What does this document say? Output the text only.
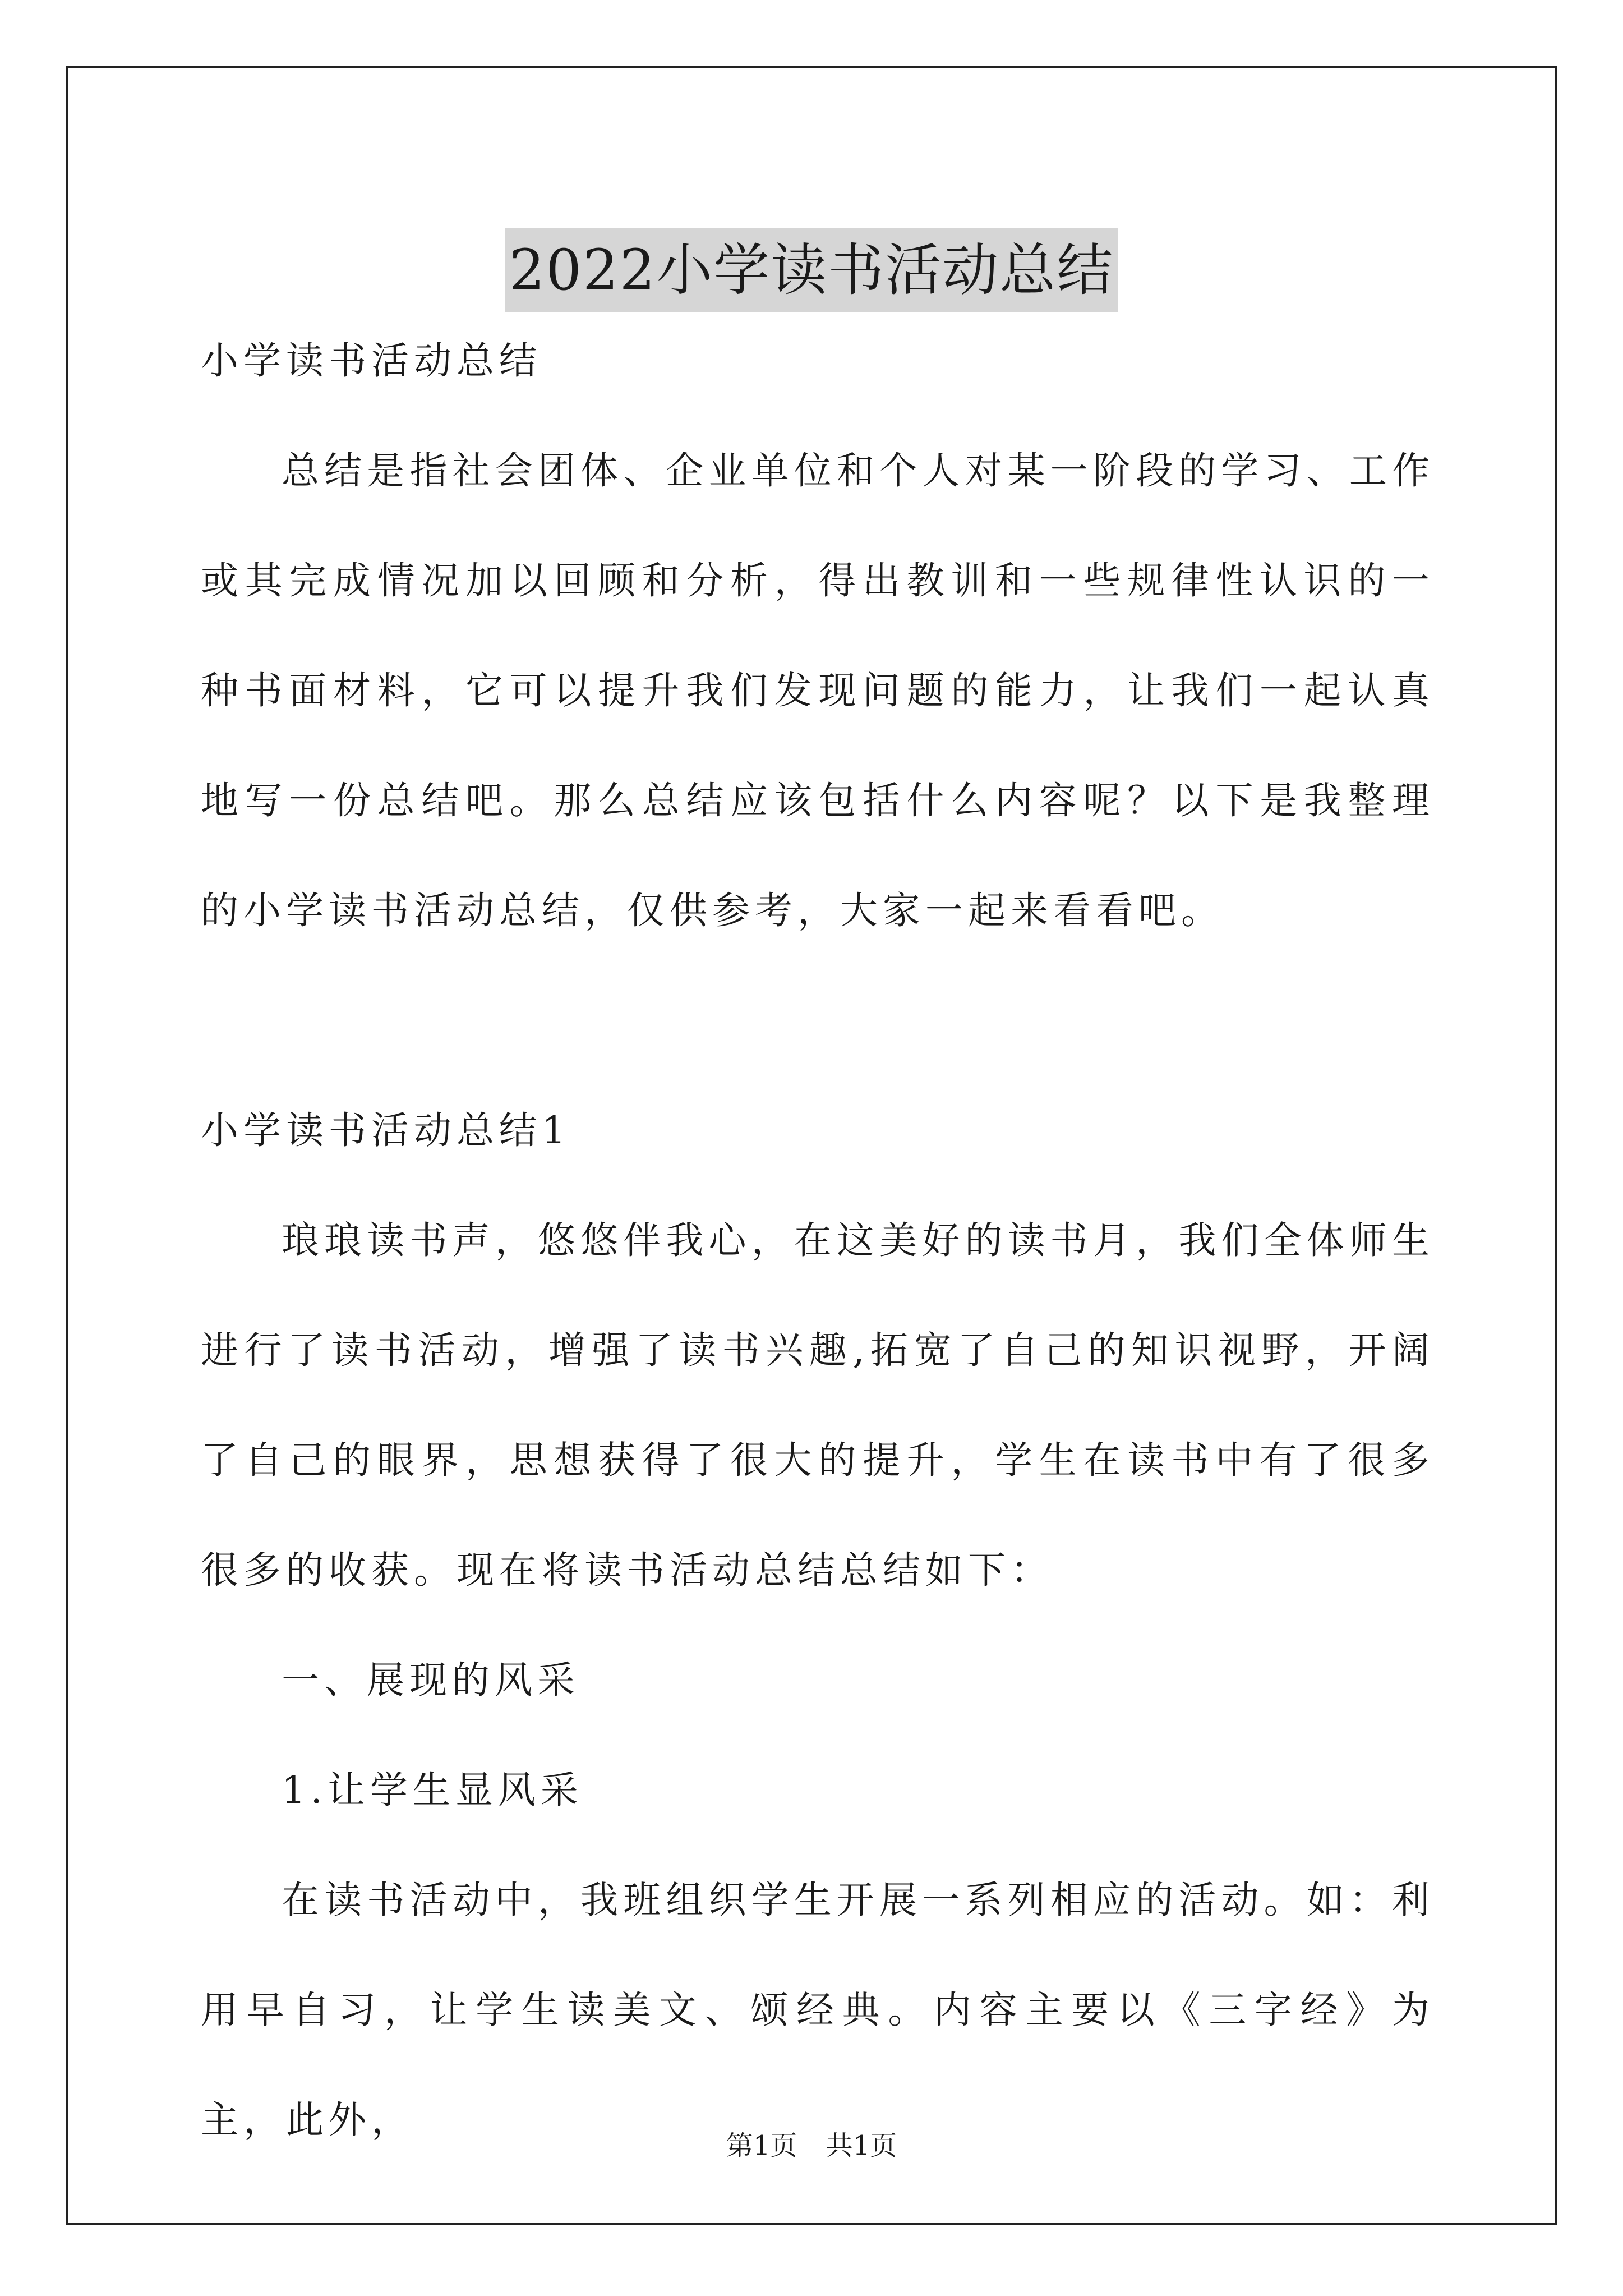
2022小学读书活动总结

小学读书活动总结

总结是指社会团体、企业单位和个人对某一阶段的学习、工作或其完成情况加以回顾和分析，得出教训和一些规律性认识的一种书面材料，它可以提升我们发现问题的能力，让我们一起认真地写一份总结吧。那么总结应该包括什么内容呢？以下是我整理的小学读书活动总结，仅供参考，大家一起来看看吧。

小学读书活动总结1

琅琅读书声，悠悠伴我心，在这美好的读书月，我们全体师生进行了读书活动，增强了读书兴趣,拓宽了自己的知识视野，开阔了自己的眼界，思想获得了很大的提升，学生在读书中有了很多很多的收获。现在将读书活动总结总结如下：

一、展现的风采

1.让学生显风采

在读书活动中，我班组织学生开展一系列相应的活动。如：利用早自习，让学生读美文、颂经典。内容主要以《三字经》为主，此外，

第1页 共1页
